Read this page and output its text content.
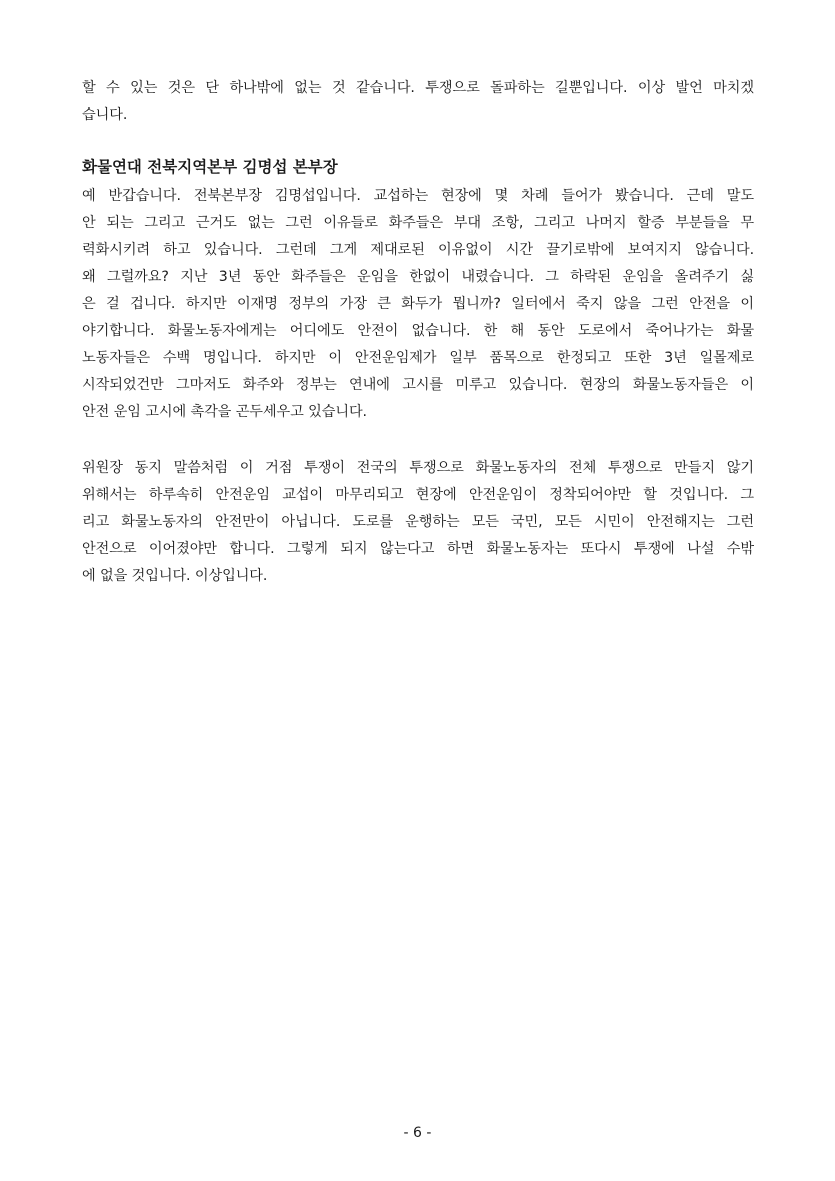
할 수 있는 것은 단 하나밖에 없는 것 같습니다. 투쟁으로 돌파하는 길뿐입니다. 이상 발언 마치겠
습니다.
화물연대 전북지역본부 김명섭 본부장
예 반갑습니다. 전북본부장 김명섭입니다. 교섭하는 현장에 몇 차례 들어가 봤습니다. 근데 말도
안 되는 그리고 근거도 없는 그런 이유들로 화주들은 부대 조항, 그리고 나머지 할증 부분들을 무
력화시키려 하고 있습니다. 그런데 그게 제대로된 이유없이 시간 끌기로밖에 보여지지 않습니다.
왜 그럴까요? 지난 3년 동안 화주들은 운임을 한없이 내렸습니다. 그 하락된 운임을 올려주기 싫
은 걸 겁니다. 하지만 이재명 정부의 가장 큰 화두가 뭡니까? 일터에서 죽지 않을 그런 안전을 이
야기합니다. 화물노동자에게는 어디에도 안전이 없습니다. 한 해 동안 도로에서 죽어나가는 화물
노동자들은 수백 명입니다. 하지만 이 안전운임제가 일부 품목으로 한정되고 또한 3년 일몰제로
시작되었건만 그마저도 화주와 정부는 연내에 고시를 미루고 있습니다. 현장의 화물노동자들은 이
안전 운임 고시에 촉각을 곤두세우고 있습니다.
위원장 동지 말씀처럼 이 거점 투쟁이 전국의 투쟁으로 화물노동자의 전체 투쟁으로 만들지 않기
위해서는 하루속히 안전운임 교섭이 마무리되고 현장에 안전운임이 정착되어야만 할 것입니다. 그
리고 화물노동자의 안전만이 아닙니다. 도로를 운행하는 모든 국민, 모든 시민이 안전해지는 그런
안전으로 이어졌야만 합니다. 그렇게 되지 않는다고 하면 화물노동자는 또다시 투쟁에 나설 수밖
에 없을 것입니다. 이상입니다.
- 6 -
